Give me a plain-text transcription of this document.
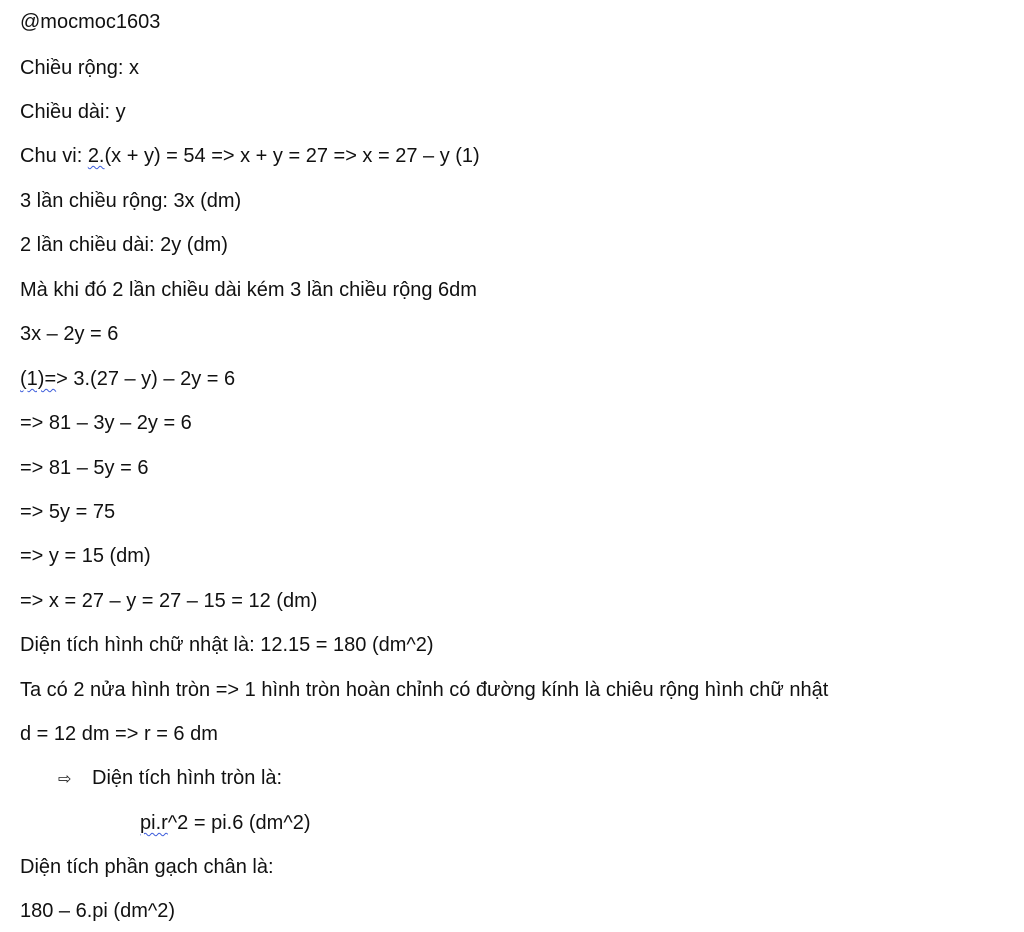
@mocmoc1603
Chiều rộng: x
Chiều dài: y
Chu vi: 2.(x + y) = 54 => x + y = 27 => x = 27 – y (1)
3 lần chiều rộng: 3x (dm)
2 lần chiều dài: 2y (dm)
Mà khi đó 2 lần chiều dài kém 3 lần chiều rộng 6dm
3x – 2y = 6
(1)=> 3.(27 – y) – 2y = 6
=> 81 – 3y – 2y = 6
=> 81 – 5y = 6
=> 5y = 75
=> y = 15 (dm)
=> x = 27 – y = 27 – 15 = 12 (dm)
Diện tích hình chữ nhật là: 12.15 = 180 (dm^2)
Ta có 2 nửa hình tròn => 1 hình tròn hoàn chỉnh có đường kính là chiêu rộng hình chữ nhật
d = 12 dm => r = 6 dm
⇨ Diện tích hình tròn là:
pi.r^2 = pi.6 (dm^2)
Diện tích phần gạch chân là:
180 – 6.pi (dm^2)
